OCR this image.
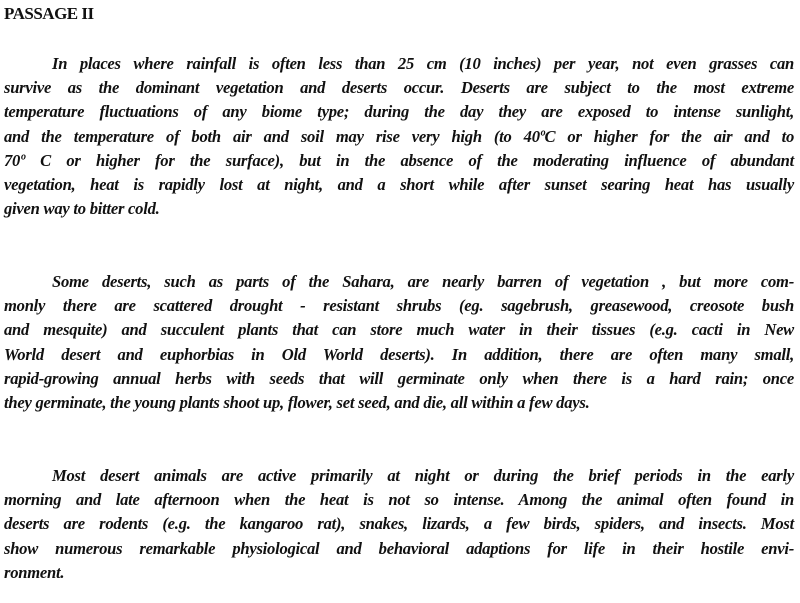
PASSAGE II

In places where rainfall is often less than 25 cm (10 inches) per year, not even grasses can
survive as the dominant vegetation and deserts occur. Deserts are subject to the most extreme
temperature fluctuations of any biome type; during the day they are exposed to intense sunlight,
and the temperature of both air and soil may rise very high (to 40ºC or higher for the air and to
70º C or higher for the surface), but in the absence of the moderating influence of abundant
vegetation, heat is rapidly lost at night, and a short while after sunset searing heat has usually
given way to bitter cold.

Some deserts, such as parts of the Sahara, are nearly barren of vegetation , but more com-
monly there are scattered drought - resistant shrubs (eg. sagebrush, greasewood, creosote bush
and mesquite) and succulent plants that can store much water in their tissues (e.g. cacti in New
World desert and euphorbias in Old World deserts). In addition, there are often many small,
rapid-growing annual herbs with seeds that will germinate only when there is a hard rain; once
they germinate, the young plants shoot up, flower, set seed, and die, all within a few days.

Most desert animals are active primarily at night or during the brief periods in the early
morning and late afternoon when the heat is not so intense. Among the animal often found in
deserts are rodents (e.g. the kangaroo rat), snakes, lizards, a few birds, spiders, and insects. Most
show numerous remarkable physiological and behavioral adaptions for life in their hostile envi-
ronment.
